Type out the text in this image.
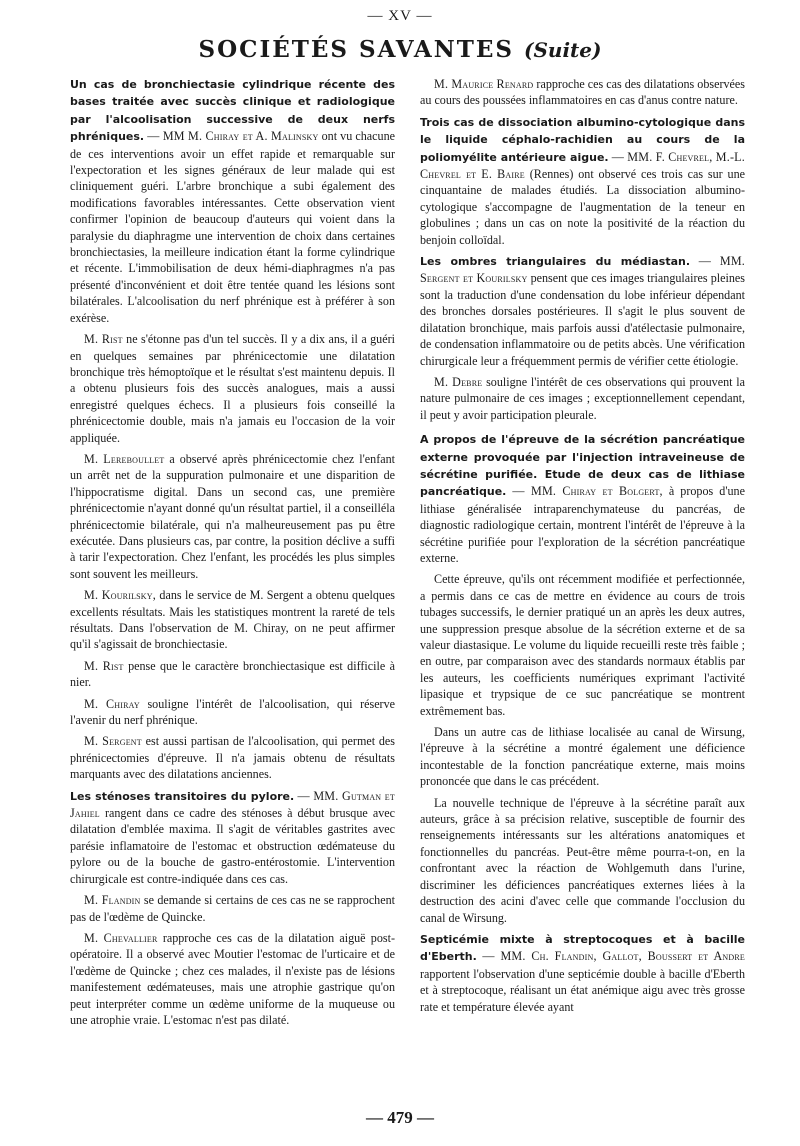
— XV —
SOCIÉTÉS SAVANTES (Suite)

Un cas de bronchiectasie cylindrique récente des bases traitée avec succès clinique et radiologique par l'alcoolisation successive de deux nerfs phréniques. — MM M. Chiray et A. Malinsky ont vu chacune de ces interventions avoir un effet rapide et remarquable sur l'expectoration et les signes généraux de leur malade qui est cliniquement guéri. L'arbre bronchique a subi également des modifications favorables intéressantes. Cette observation vient confirmer l'opinion de beaucoup d'auteurs qui voient dans la paralysie du diaphragme une intervention de choix dans certaines bronchiectasies, la meilleure indication étant la forme cylindrique et récente. L'immobilisation de deux hémi-diaphragmes n'a pas présenté d'inconvénient et doit être tentée quand les lésions sont bilatérales. L'alcoolisation du nerf phrénique est à préférer à son exérèse.

M. Rist ne s'étonne pas d'un tel succès. Il y a dix ans, il a guéri en quelques semaines par phrénicectomie une dilatation bronchique très hémoptoïque et le résultat s'est maintenu depuis. Il a obtenu plusieurs fois des succès analogues, mais a aussi enregistré quelques échecs. Il a plusieurs fois conseillé la phrénicectomie double, mais n'a jamais eu l'occasion de la voir appliquée.

M. Lereboullet a observé après phrénicectomie chez l'enfant un arrêt net de la suppuration pulmonaire et une disparition de l'hippocratisme digital. Dans un second cas, une première phrénicectomie n'ayant donné qu'un résultat partiel, il a conseilléla phrénicectomie bilatérale, qui n'a malheureusement pas pu être exécutée. Dans plusieurs cas, par contre, la position déclive a suffi à tarir l'expectoration. Chez l'enfant, les procédés les plus simples sont souvent les meilleurs.

M. Kourilsky, dans le service de M. Sergent a obtenu quelques excellents résultats. Mais les statistiques montrent la rareté de tels résultats. Dans l'observation de M. Chiray, on ne peut affirmer qu'il s'agissait de bronchiectasie.

M. Rist pense que le caractère bronchiectasique est difficile à nier.

M. Chiray souligne l'intérêt de l'alcoolisation, qui réserve l'avenir du nerf phrénique.

M. Sergent est aussi partisan de l'alcoolisation, qui permet des phrénicectomies d'épreuve. Il n'a jamais obtenu de résultats marquants avec des dilatations anciennes.

Les sténoses transitoires du pylore. — MM. Gutman et Jahiel rangent dans ce cadre des sténoses à début brusque avec dilatation d'emblée maxima. Il s'agit de véritables gastrites avec parésie inflamatoire de l'estomac et obstruction œdémateuse du pylore ou de la bouche de gastro-entérostomie. L'intervention chirurgicale est contre-indiquée dans ces cas.

M. Flandin se demande si certains de ces cas ne se rapprochent pas de l'œdème de Quincke.

M. Chevallier rapproche ces cas de la dilatation aiguë post-opératoire. Il a observé avec Moutier l'estomac de l'urticaire et de l'œdème de Quincke ; chez ces malades, il n'existe pas de lésions manifestement œdémateuses, mais une atrophie gastrique qu'on peut interpréter comme un œdème uniforme de la muqueuse ou une atrophie vraie. L'estomac n'est pas dilaté.

M. Maurice Renard rapproche ces cas des dilatations observées au cours des poussées inflammatoires en cas d'anus contre nature.

Trois cas de dissociation albumino-cytologique dans le liquide céphalo-rachidien au cours de la poliomyélite antérieure aigue. — MM. F. Chevrel, M.-L. Chevrel et E. Baire (Rennes) ont observé ces trois cas sur une cinquantaine de malades étudiés. La dissociation albumino-cytologique s'accompagne de l'augmentation de la teneur en globulines ; dans un cas on note la positivité de la réaction du benjoin colloïdal.

Les ombres triangulaires du médiastan. — MM. Sergent et Kourilsky pensent que ces images triangulaires pleines sont la traduction d'une condensation du lobe inférieur dépendant des bronches dorsales postérieures. Il s'agit le plus souvent de dilatation bronchique, mais parfois aussi d'atélectasie pulmonaire, de condensation inflammatoire ou de petits abcès. Une vérification chirurgicale leur a fréquemment permis de vérifier cette étiologie.

M. Debre souligne l'intérêt de ces observations qui prouvent la nature pulmonaire de ces images ; exceptionnellement cependant, il peut y avoir participation pleurale.

A propos de l'épreuve de la sécrétion pancréatique externe provoquée par l'injection intraveineuse de sécrétine purifiée. Etude de deux cas de lithiase pancréatique. — MM. Chiray et Bolgert, à propos d'une lithiase généralisée intraparenchymateuse du pancréas, de diagnostic radiologique certain, montrent l'intérêt de l'épreuve à la sécrétine purifiée pour l'exploration de la sécrétion pancréatique externe.

Cette épreuve, qu'ils ont récemment modifiée et perfectionnée, a permis dans ce cas de mettre en évidence au cours de trois tubages successifs, le dernier pratiqué un an après les deux autres, une suppression presque absolue de la sécrétion externe et de sa valeur diastasique. Le volume du liquide recueilli reste très faible ; en outre, par comparaison avec des standards normaux établis par les auteurs, les coefficients numériques exprimant l'activité lipasique et trypsique de ce suc pancréatique se montrent extrêmement bas.

Dans un autre cas de lithiase localisée au canal de Wirsung, l'épreuve à la sécrétine a montré également une déficience incontestable de la fonction pancréatique externe, mais moins prononcée que dans le cas précédent.

La nouvelle technique de l'épreuve à la sécrétine paraît aux auteurs, grâce à sa précision relative, susceptible de fournir des renseignements intéressants sur les altérations anatomiques et fonctionnelles du pancréas. Peut-être même pourra-t-on, en la confrontant avec la réaction de Wohlgemuth dans l'urine, discriminer les déficiences pancréatiques externes liées à la destruction des acini d'avec celle que commande l'occlusion du canal de Wirsung.

Septicémie mixte à streptocoques et à bacille d'Eberth. — MM. Ch. Flandin, Gallot, Boussert et Andre rapportent l'observation d'une septicémie double à bacille d'Eberth et à streptocoque, réalisant un état anémique aigu avec très grosse rate et température élevée ayant

— 479 —
